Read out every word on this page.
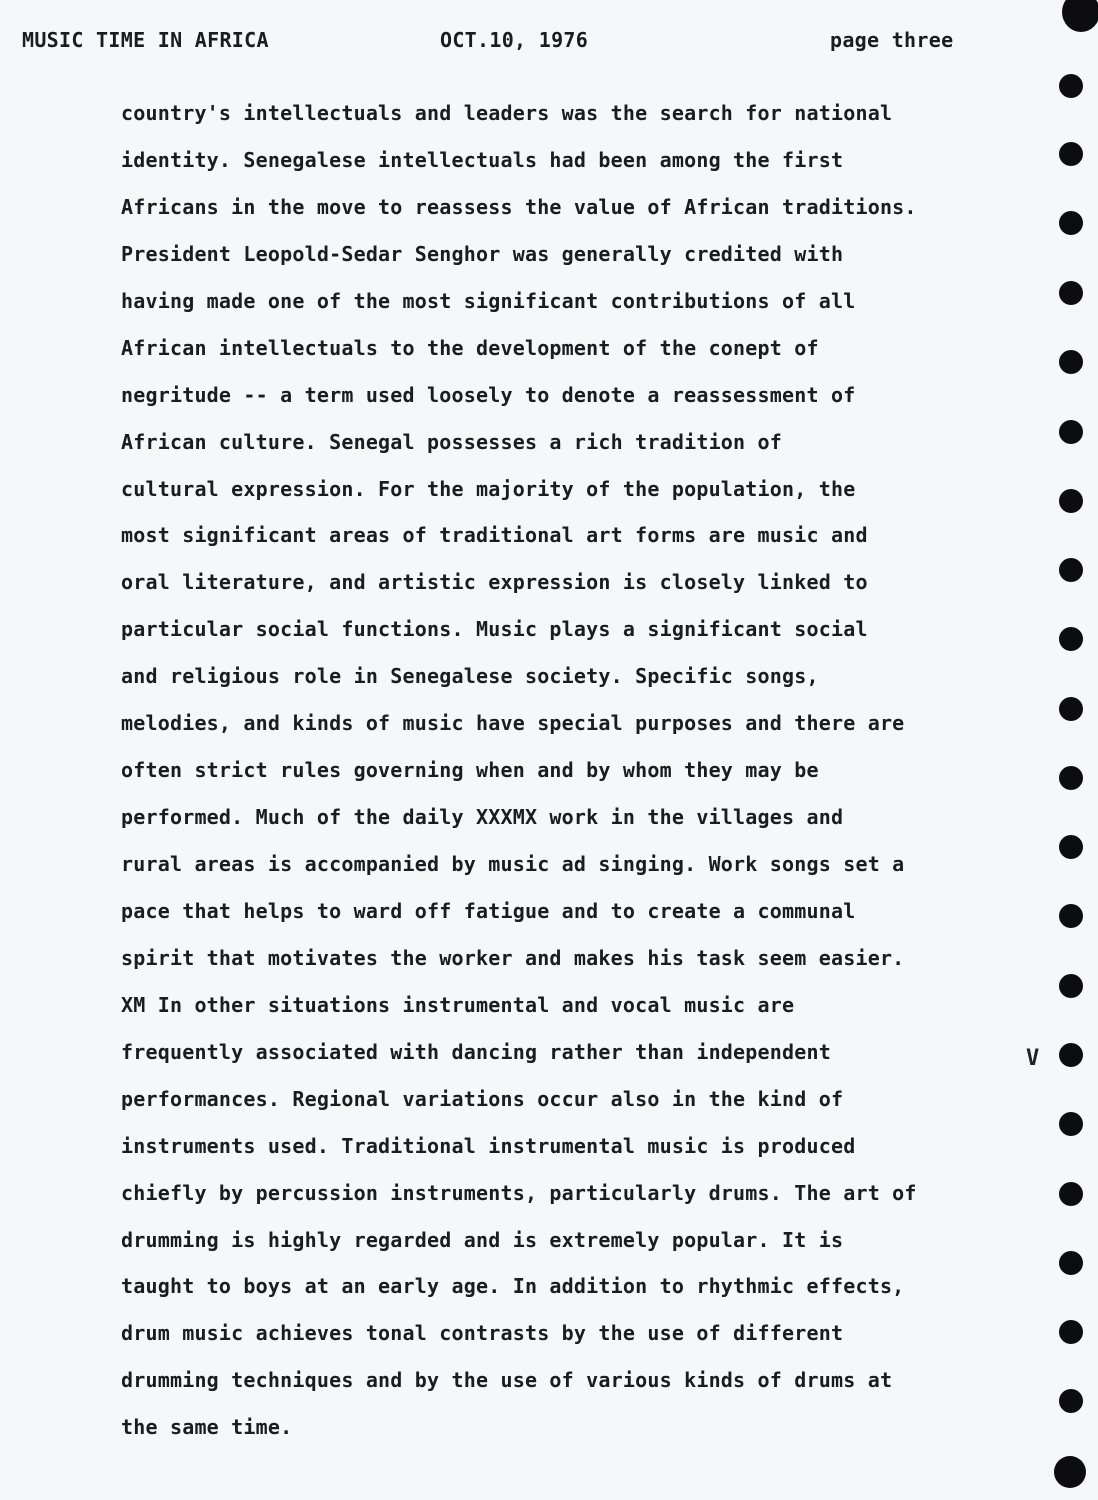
MUSIC TIME IN AFRICA	OCT.10, 1976	page three
country's intellectuals and leaders was the search for national
identity. Senegalese intellectuals had been among the first
Africans in the move to reassess the value of African traditions.
President Leopold-Sedar Senghor was generally credited with
having made one of the most significant contributions of all
African intellectuals to the development of the conept of
negritude -- a term used loosely to denote a reassessment of
African culture. Senegal possesses a rich tradition of
cultural expression. For the majority of the population, the
most significant areas of traditional art forms are music and
oral literature, and artistic expression is closely linked to
particular social functions. Music plays a significant social
and religious role in Senegalese society. Specific songs,
melodies, and kinds of music have special purposes and there are
often strict rules governing when and by whom they may be
performed. Much of the daily XXXMX work in the villages and
rural areas is accompanied by music ad singing. Work songs set a
pace that helps to ward off fatigue and to create a communal
spirit that motivates the worker and makes his task seem easier.
XM In other situations instrumental and vocal music are
frequently associated with dancing rather than independent
performances. Regional variations occur also in the kind of
instruments used. Traditional instrumental music is produced
chiefly by percussion instruments, particularly drums. The art of
drumming is highly regarded and is extremely popular. It is
taught to boys at an early age. In addition to rhythmic effects,
drum music achieves tonal contrasts by the use of different
drumming techniques and by the use of various kinds of drums at
the same time.
V
